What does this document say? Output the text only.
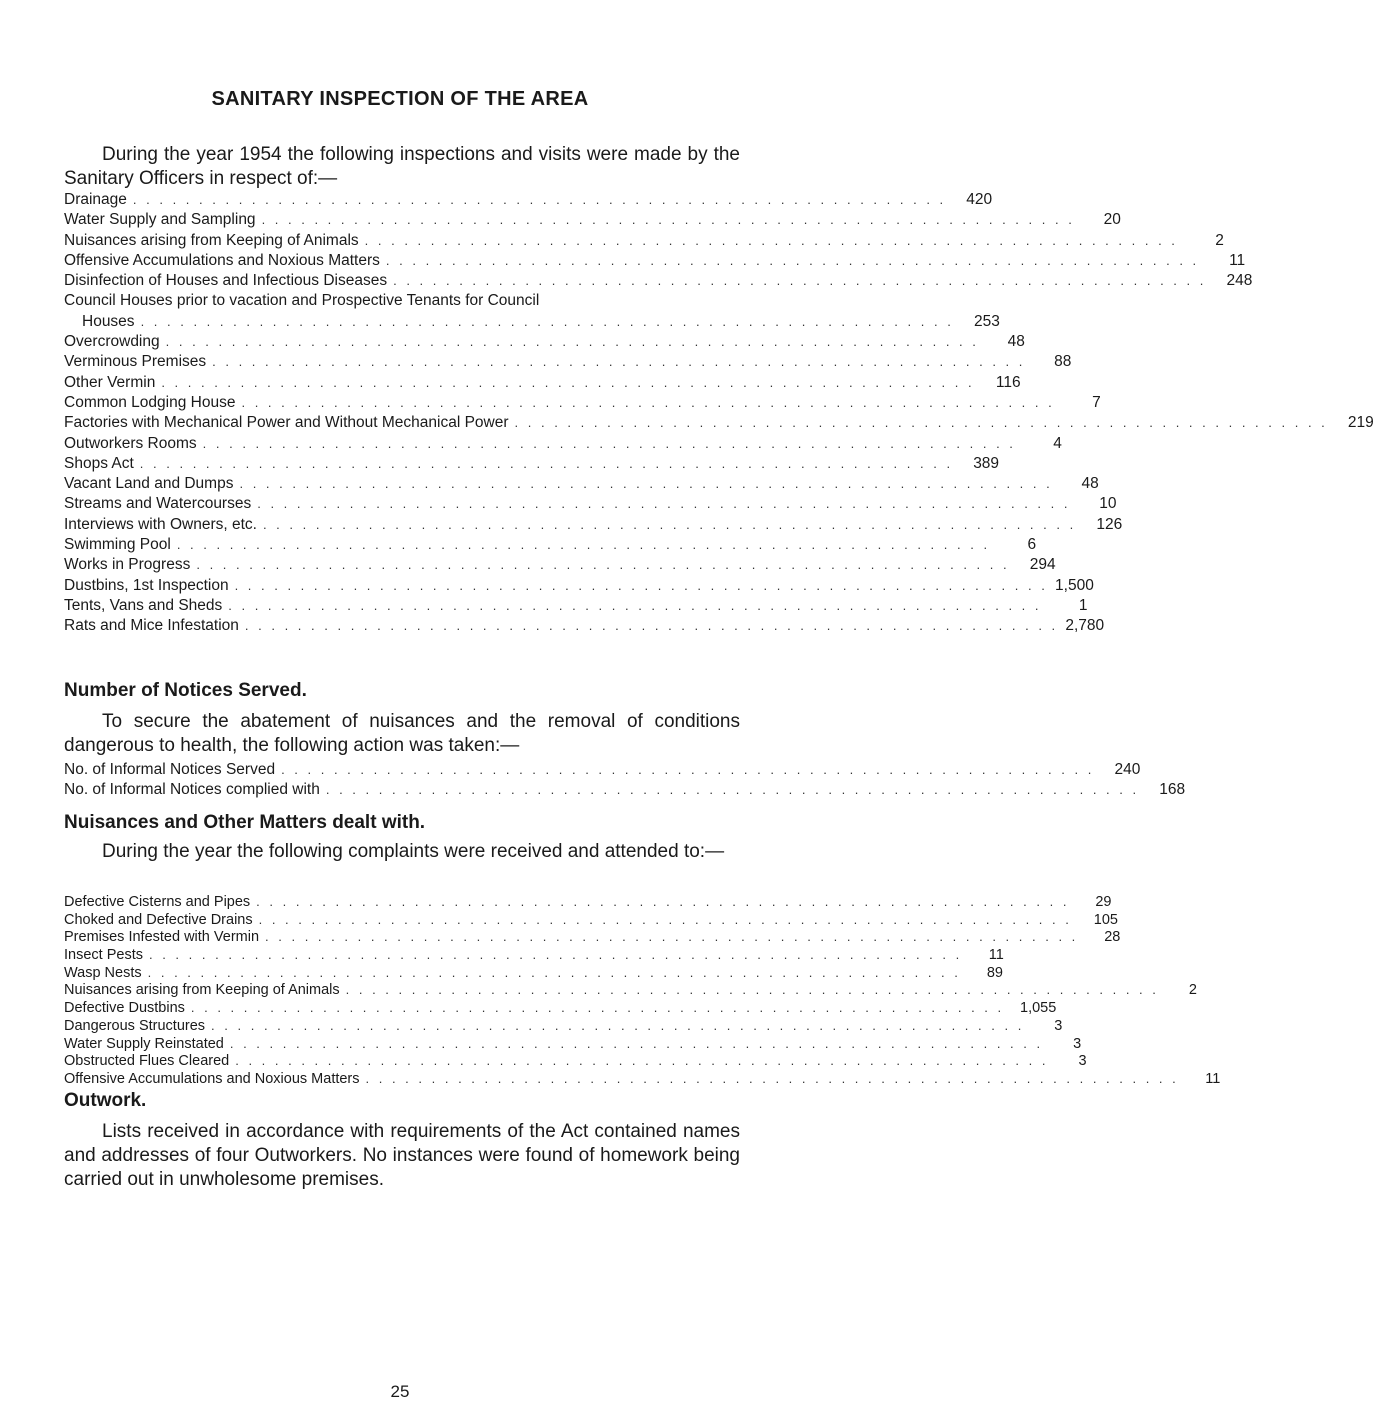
SANITARY INSPECTION OF THE AREA
During the year 1954 the following inspections and visits were made by the Sanitary Officers in respect of:—
Drainage . . . . . . . . . . . . . . . . . . . . . . . . . . . . . . . . . . . . . . . . . . . . . . . . . . . . . . . . . . . . . .	420
Water Supply and Sampling . . . . . . . . . . . . . . . . . . . . . . . . . . . . . . . . . . . . . . . . . . . . . . . . . . . . . . . . . . . . . .	20
Nuisances arising from Keeping of Animals . . . . . . . . . . . . . . . . . . . . . . . . . . . . . . . . . . . . . . . . . . . . . . . . . . . . . . . . . . . . . .	2
Offensive Accumulations and Noxious Matters . . . . . . . . . . . . . . . . . . . . . . . . . . . . . . . . . . . . . . . . . . . . . . . . . . . . . . . . . . . . . .	11
Disinfection of Houses and Infectious Diseases . . . . . . . . . . . . . . . . . . . . . . . . . . . . . . . . . . . . . . . . . . . . . . . . . . . . . . . . . . . . . .	248
Council Houses prior to vacation and Prospective Tenants for Council
Houses . . . . . . . . . . . . . . . . . . . . . . . . . . . . . . . . . . . . . . . . . . . . . . . . . . . . . . . . . . . . . .	253
Overcrowding . . . . . . . . . . . . . . . . . . . . . . . . . . . . . . . . . . . . . . . . . . . . . . . . . . . . . . . . . . . . . .	48
Verminous Premises . . . . . . . . . . . . . . . . . . . . . . . . . . . . . . . . . . . . . . . . . . . . . . . . . . . . . . . . . . . . . .	88
Other Vermin . . . . . . . . . . . . . . . . . . . . . . . . . . . . . . . . . . . . . . . . . . . . . . . . . . . . . . . . . . . . . .	116
Common Lodging House . . . . . . . . . . . . . . . . . . . . . . . . . . . . . . . . . . . . . . . . . . . . . . . . . . . . . . . . . . . . . .	7
Factories with Mechanical Power and Without Mechanical Power . . . . . . . . . . . . . . . . . . . . . . . . . . . . . . . . . . . . . . . . . . . . . . . . . . . . . . . . . . . . . .	219
Outworkers Rooms . . . . . . . . . . . . . . . . . . . . . . . . . . . . . . . . . . . . . . . . . . . . . . . . . . . . . . . . . . . . . .	4
Shops Act . . . . . . . . . . . . . . . . . . . . . . . . . . . . . . . . . . . . . . . . . . . . . . . . . . . . . . . . . . . . . .	389
Vacant Land and Dumps . . . . . . . . . . . . . . . . . . . . . . . . . . . . . . . . . . . . . . . . . . . . . . . . . . . . . . . . . . . . . .	48
Streams and Watercourses . . . . . . . . . . . . . . . . . . . . . . . . . . . . . . . . . . . . . . . . . . . . . . . . . . . . . . . . . . . . . .	10
Interviews with Owners, etc. . . . . . . . . . . . . . . . . . . . . . . . . . . . . . . . . . . . . . . . . . . . . . . . . . . . . . . . . . . . . . .	126
Swimming Pool . . . . . . . . . . . . . . . . . . . . . . . . . . . . . . . . . . . . . . . . . . . . . . . . . . . . . . . . . . . . . .	6
Works in Progress . . . . . . . . . . . . . . . . . . . . . . . . . . . . . . . . . . . . . . . . . . . . . . . . . . . . . . . . . . . . . .	294
Dustbins, 1st Inspection . . . . . . . . . . . . . . . . . . . . . . . . . . . . . . . . . . . . . . . . . . . . . . . . . . . . . . . . . . . . . . 1,500
Tents, Vans and Sheds . . . . . . . . . . . . . . . . . . . . . . . . . . . . . . . . . . . . . . . . . . . . . . . . . . . . . . . . . . . . . .	1
Rats and Mice Infestation . . . . . . . . . . . . . . . . . . . . . . . . . . . . . . . . . . . . . . . . . . . . . . . . . . . . . . . . . . . . . . 2,780
Number of Notices Served.
To secure the abatement of nuisances and the removal of conditions dangerous to health, the following action was taken:—
No. of Informal Notices Served . . . . . . . . . . . . . . . . . . . . . . . . . . . . . . . . . . . . . . . . . . . . . . . . . . . . . . . . . . . . . .	240
No. of Informal Notices complied with . . . . . . . . . . . . . . . . . . . . . . . . . . . . . . . . . . . . . . . . . . . . . . . . . . . . . . . . . . . . . .	168
Nuisances and Other Matters dealt with.
During the year the following complaints were received and attended to:—
Defective Cisterns and Pipes . . . . . . . . . . . . . . . . . . . . . . . . . . . . . . . . . . . . . . . . . . . . . . . . . . . . . . . . . . . . . .	29
Choked and Defective Drains . . . . . . . . . . . . . . . . . . . . . . . . . . . . . . . . . . . . . . . . . . . . . . . . . . . . . . . . . . . . . .	105
Premises Infested with Vermin . . . . . . . . . . . . . . . . . . . . . . . . . . . . . . . . . . . . . . . . . . . . . . . . . . . . . . . . . . . . . .	28
Insect Pests . . . . . . . . . . . . . . . . . . . . . . . . . . . . . . . . . . . . . . . . . . . . . . . . . . . . . . . . . . . . . .	11
Wasp Nests . . . . . . . . . . . . . . . . . . . . . . . . . . . . . . . . . . . . . . . . . . . . . . . . . . . . . . . . . . . . . .	89
Nuisances arising from Keeping of Animals . . . . . . . . . . . . . . . . . . . . . . . . . . . . . . . . . . . . . . . . . . . . . . . . . . . . . . . . . . . . . .	2
Defective Dustbins . . . . . . . . . . . . . . . . . . . . . . . . . . . . . . . . . . . . . . . . . . . . . . . . . . . . . . . . . . . . . .	1,055
Dangerous Structures . . . . . . . . . . . . . . . . . . . . . . . . . . . . . . . . . . . . . . . . . . . . . . . . . . . . . . . . . . . . . .	3
Water Supply Reinstated . . . . . . . . . . . . . . . . . . . . . . . . . . . . . . . . . . . . . . . . . . . . . . . . . . . . . . . . . . . . . .	3
Obstructed Flues Cleared . . . . . . . . . . . . . . . . . . . . . . . . . . . . . . . . . . . . . . . . . . . . . . . . . . . . . . . . . . . . . .	3
Offensive Accumulations and Noxious Matters . . . . . . . . . . . . . . . . . . . . . . . . . . . . . . . . . . . . . . . . . . . . . . . . . . . . . . . . . . . . . .	11
Outwork.
Lists received in accordance with requirements of the Act contained names and addresses of four Outworkers. No instances were found of homework being carried out in unwholesome premises.
25
